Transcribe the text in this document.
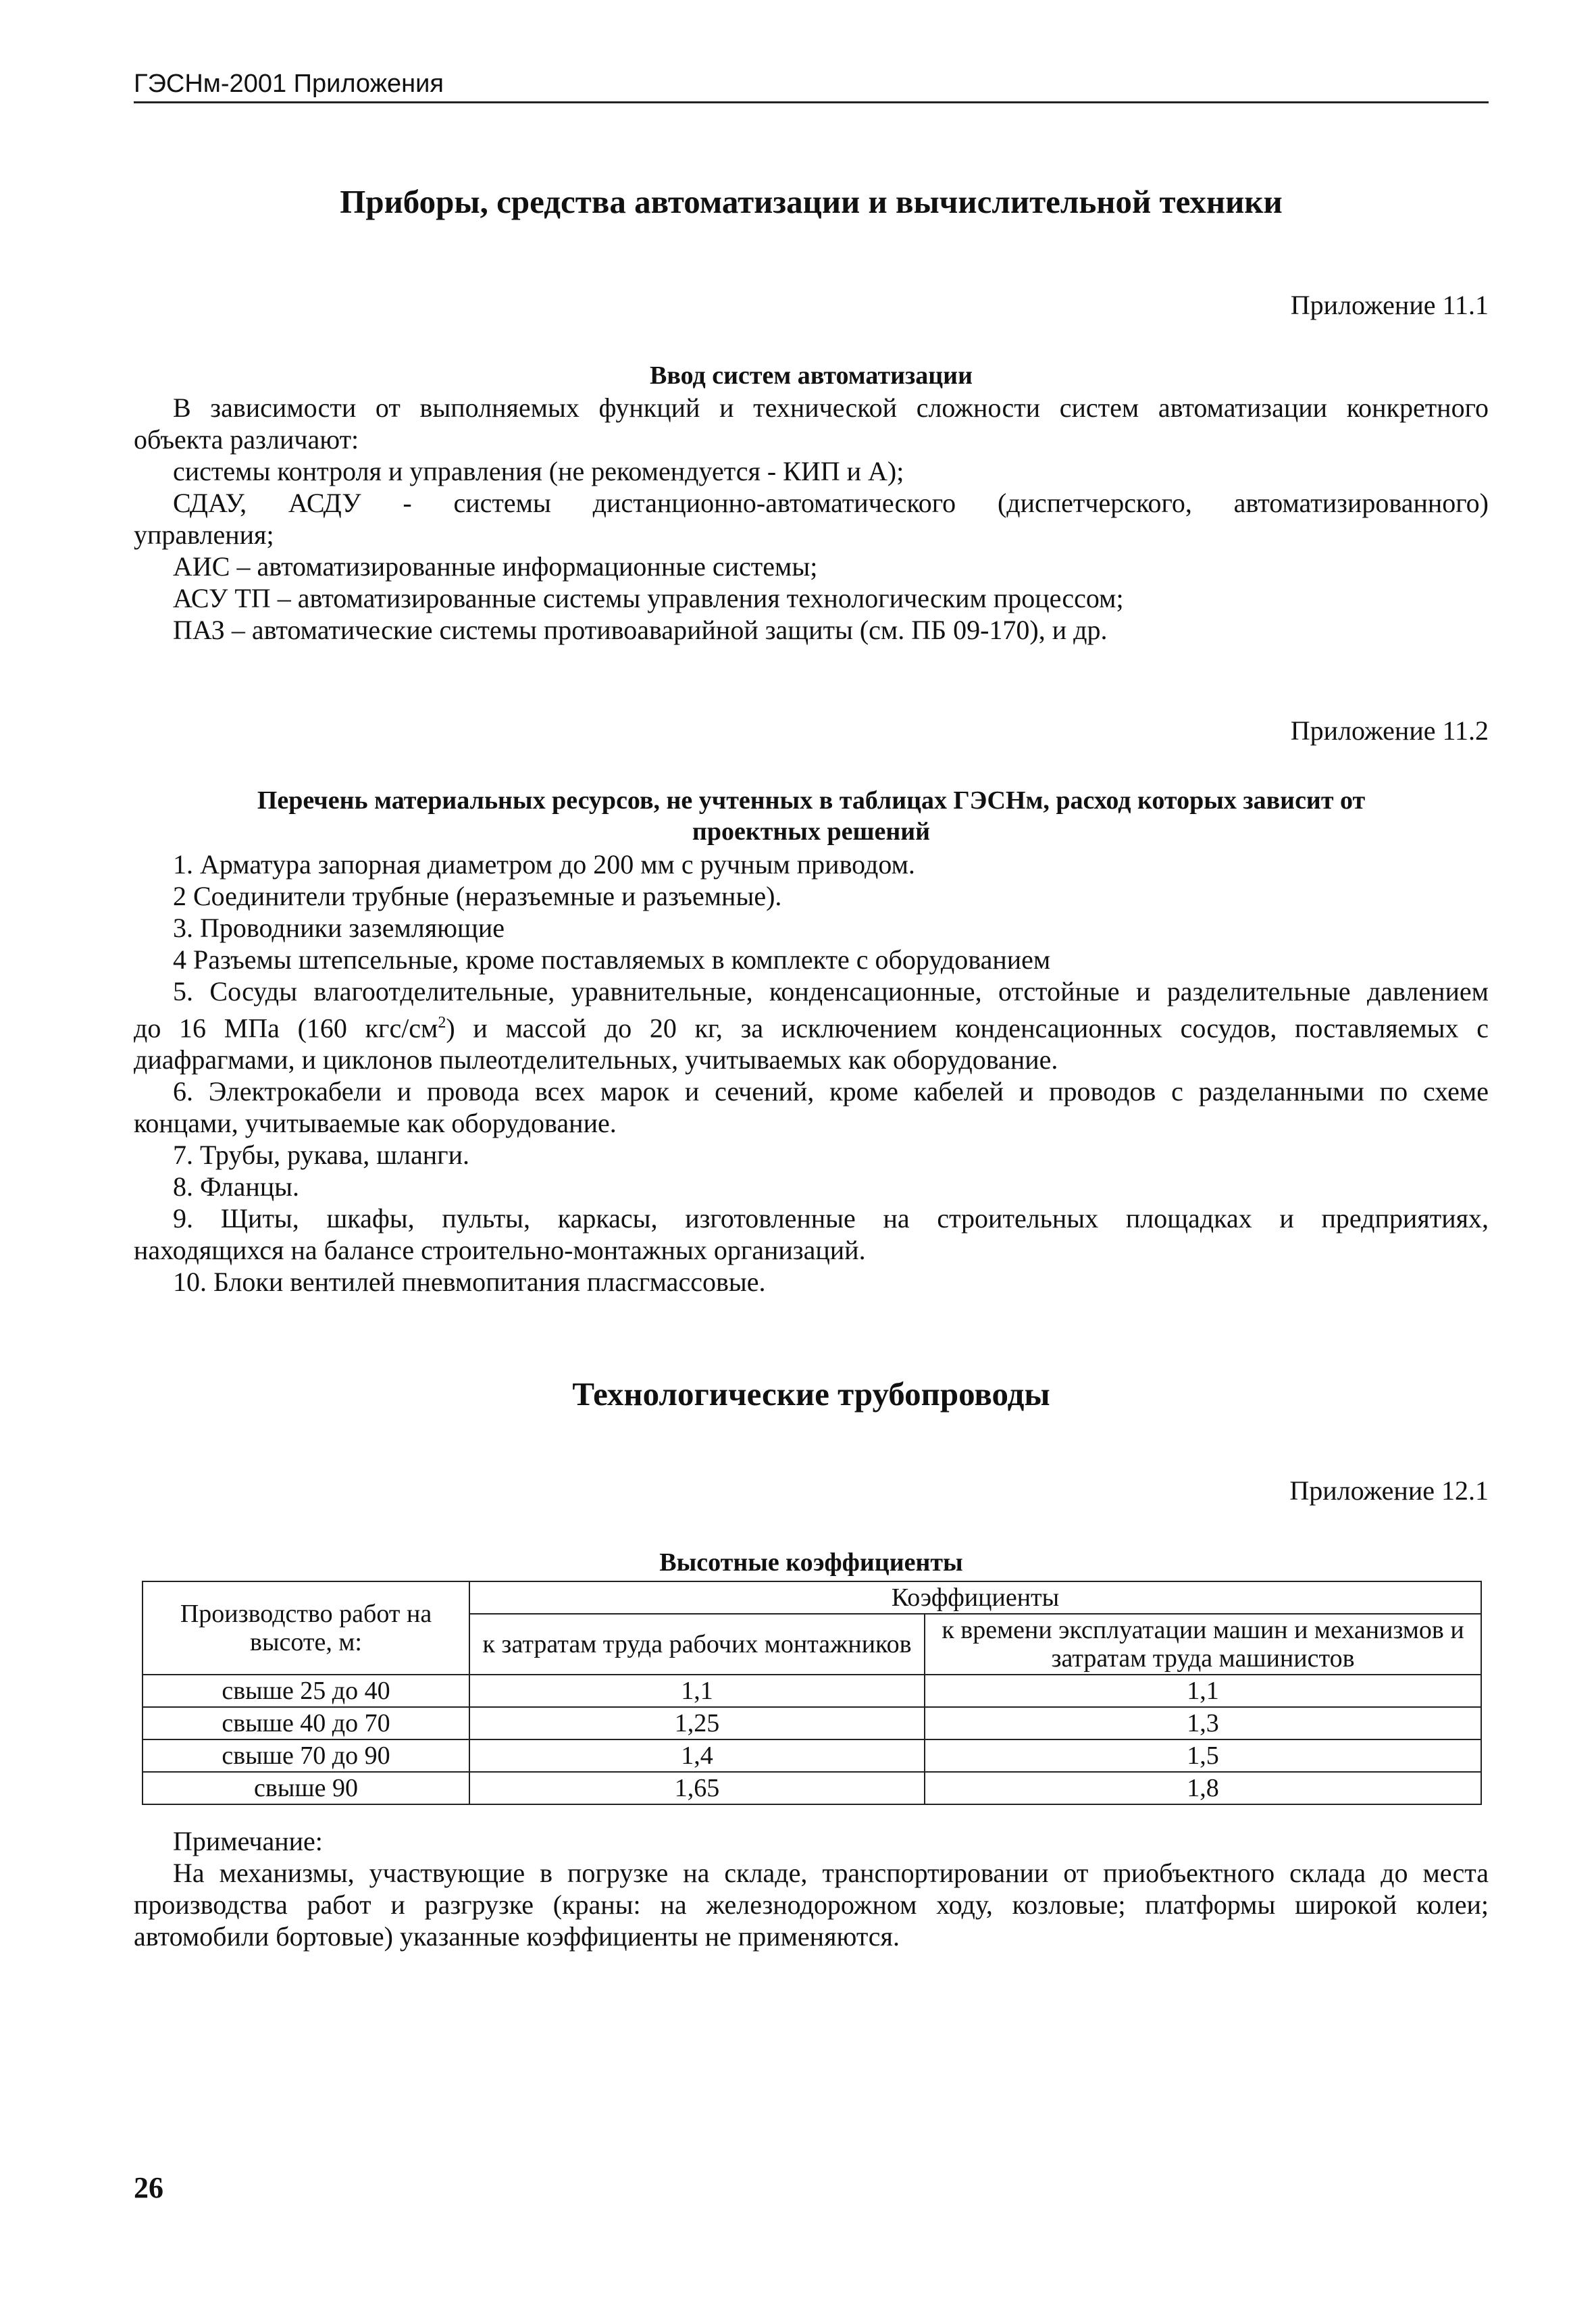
ГЭСНм-2001 Приложения
Приборы, средства автоматизации и вычислительной техники
Приложение 11.1
Ввод систем автоматизации

В зависимости от выполняемых функций и технической сложности систем автоматизации конкретного

объекта различают:

системы контроля и управления (не рекомендуется - КИП и А);

СДАУ, АСДУ - системы дистанционно-автоматического (диспетчерского, автоматизированного)

управления;

АИС – автоматизированные информационные системы;

АСУ ТП – автоматизированные системы управления технологическим процессом;

ПАЗ – автоматические системы противоаварийной защиты (см. ПБ 09-170), и др.

Приложение 11.2
Перечень материальных ресурсов, не учтенных в таблицах ГЭСНм, расход которых зависит от
проектных решений

1. Арматура запорная диаметром до 200 мм с ручным приводом.

2 Соединители трубные (неразъемные и разъемные).

3. Проводники заземляющие

4 Разъемы штепсельные, кроме поставляемых в комплекте с оборудованием

5. Сосуды влагоотделительные, уравнительные, конденсационные, отстойные и разделительные давлением

до 16 МПа (160 кгс/$см^2$) и массой до 20 кг, за исключением конденсационных сосудов, поставляемых с

диафрагмами, и циклонов пылеотделительных, учитываемых как оборудование.

6. Электрокабели и провода всех марок и сечений, кроме кабелей и проводов с разделанными по схеме

концами, учитываемые как оборудование.

7. Трубы, рукава, шланги.

8. Фланцы.

9. Щиты, шкафы, пульты, каркасы, изготовленные на строительных площадках и предприятиях,

находящихся на балансе строительно-монтажных организаций.

10. Блоки вентилей пневмопитания пласгмассовые.

Технологические трубопроводы
Приложение 12.1
Высотные коэффициенты
Производство работ на высоте, м:	Коэффициенты	
	к затратам труда рабочих монтажников	к времени эксплуатации машин и механизмов и затратам труда машинистов
свыше 25 до 40	1,1	1,1
свыше 40 до 70	1,25	1,3
свыше 70 до 90	1,4	1,5
свыше 90	1,65	1,8

Примечание:

На механизмы, участвующие в погрузке на складе, транспортировании от приобъектного склада до места

производства работ и разгрузке (краны: на железнодорожном ходу, козловые; платформы широкой колеи;

автомобили бортовые) указанные коэффициенты не применяются.

26
